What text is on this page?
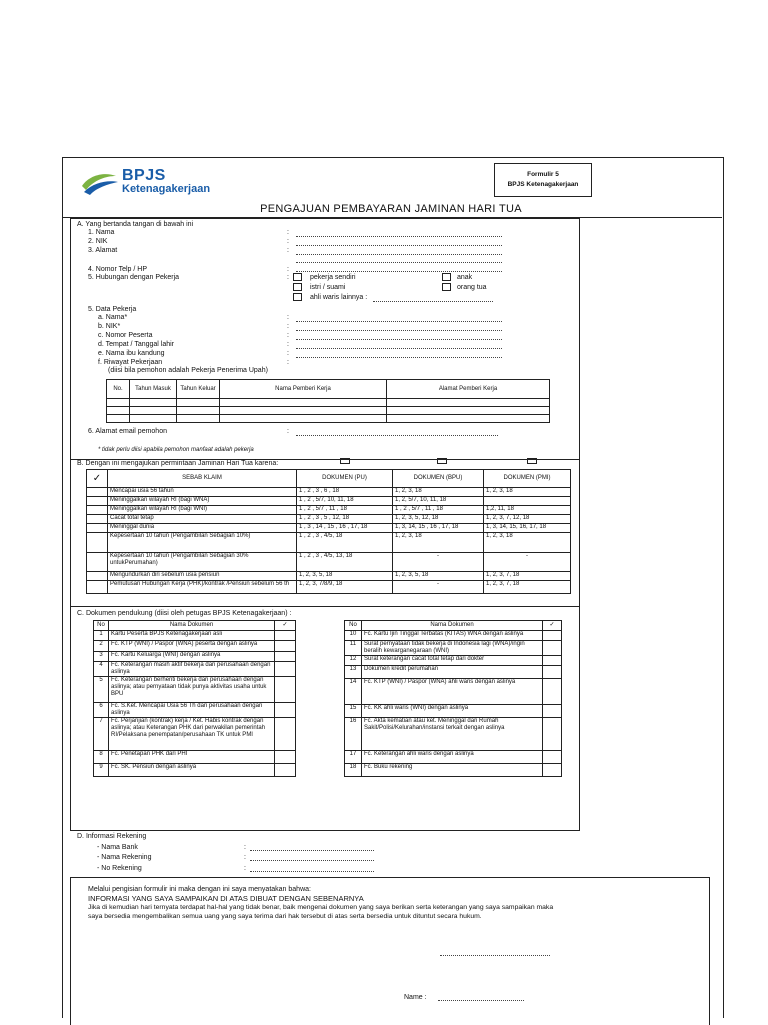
BPJS
Ketenagakerjaan
Formulir 5
BPJS Ketenagakerjaan
PENGAJUAN PEMBAYARAN JAMINAN HARI TUA
A. Yang bertanda tangan di bawah ini
1. Nama
2. NIK
3. Alamat
4. Nomor Telp / HP
5. Hubungan dengan Pekerja
:
:
:
:
:	pekerja sendiri
istri / suami
ahli waris lainnya :
anak
orang tua
5. Data Pekerja
a. Nama*
b. NIK*
c. Nomor Peserta
d. Tempat / Tanggal lahir
e. Nama ibu kandung
f. Riwayat Pekerjaan
(diisi bila pemohon adalah Pekerja Penerima Upah)
:
:
:
:
:
:
No.	Tahun Masuk	Tahun Keluar	Nama Pemberi Kerja	Alamat Pemberi Kerja

6. Alamat email pemohon	:
* tidak perlu diisi apabila pemohon manfaat adalah pekerja
B. Dengan ini mengajukan permintaan Jaminan Hari Tua karena:
✓	SEBAB KLAIM	DOKUMEN (PU)	DOKUMEN (BPU)	DOKUMEN (PMI)
	Mencapai usia 56 tahun	1 , 2 , 3 , 6 , 18	1, 2, 3, 18	1, 2, 3, 18
	Meninggalkan wilayah RI (bagi WNA)	1 , 2 , 5/7, 10, 11, 18	1, 2, 5/7, 10, 11, 18	
	Meninggalkan wilayah RI (bagi WNI)	1 , 2 , 5/7 , 11 , 18	1 , 2 , 5/7 , 11 , 18	1,2, 11, 18
	Cacat total tetap	1 , 2 , 3 , 5 , 12, 18	1, 2, 3, 5, 12, 18	1, 2, 3, 7, 12, 18
	Meninggal dunia	1 , 3 , 14 , 15 , 16 , 17, 18	1, 3, 14, 15 , 16 , 17, 18	1, 3, 14, 15, 16, 17, 18
	Kepesertaan 10 tahun (Pengambilan Sebagian 10%)	1 , 2 , 3 , 4/5, 18	1, 2, 3, 18	1, 2, 3, 18
	Kepesertaan 10 tahun (Pengambilan Sebagian 30% untukPerumahan)	1 , 2 , 3 , 4/5, 13, 18	-	-
	Mengundurkan diri sebelum usia pensiun	1, 2, 3, 5, 18	1, 2, 3, 5, 18	1, 2, 3, 7, 18
	Pemutusan Hubungan Kerja (PHK)/kontrak /Pensiun sebelum 56 th	1, 2, 3, 7/8/9, 18	-	1, 2, 3, 7, 18
C. Dokumen pendukung (diisi oleh petugas BPJS Ketenagakerjaan) :
No	Nama Dokumen	✓
1	Kartu Peserta BPJS Ketenagakerjaan asli	
2	Fc. KTP (WNI) / Paspor (WNA) peserta dengan aslinya	
3	Fc. Kartu Keluarga (WNI) dengan aslinya	
4	Fc. Keterangan masih aktif bekerja dari perusahaan dengan aslinya	
5	Fc. Keterangan berhenti bekerja dari perusahaan dengan aslinya; atau pernyataan tidak punya aktivitas usaha untuk BPU	
6	Fc. S.Ket. Mencapai Usia 56 Th dari perusahaan dengan aslinya	
7	Fc. Perjanjian (kontrak) kerja / Ket. Habis kontrak dengan aslinya; atau Keterangan PHK dari perwakilan pemerintah RI/Pelaksana penempatan/perusahaan TK untuk PMI	
8	Fc. Penetapan PHK dari PHI	
9	Fc. SK. Pensiun dengan aslinya	
No	Nama Dokumen	✓
10	Fc. Kartu Ijin Tinggal Terbatas (KITAS) WNA dengan aslinya	
11	Surat pernyataan tidak bekerja di Indonesia lagi (WNA)/ingin beralih kewarganegaraan (WNI)	
12	Surat keterangan cacat total tetap dari dokter	
13	Dokumen kredit perumahan	
14	Fc. KTP (WNI) / Paspor (WNA) ahli waris dengan aslinya	
15	Fc. KK ahli waris (WNI) dengan aslinya	
16	Fc. Akta kematian atau ket. Meninggal dari Rumah Sakit/Polisi/Kelurahan/instansi terkait dengan aslinya	
17	Fc. Keterangan ahli waris dengan aslinya	
18	Fc. Buku rekening	
D. Informasi Rekening
- Nama Bank
- Nama Rekening
- No Rekening
:
:
:
Melalui pengisian formulir ini maka dengan ini saya menyatakan bahwa:
INFORMASI YANG SAYA SAMPAIKAN DI ATAS DIBUAT DENGAN SEBENARNYA
Jika di kemudian hari ternyata terdapat hal-hal yang tidak benar, baik mengenai dokumen yang saya berikan serta keterangan yang saya sampaikan maka saya bersedia mengembalikan semua uang yang saya terima dari hak tersebut di atas serta bersedia untuk dituntut secara hukum.
Name :
